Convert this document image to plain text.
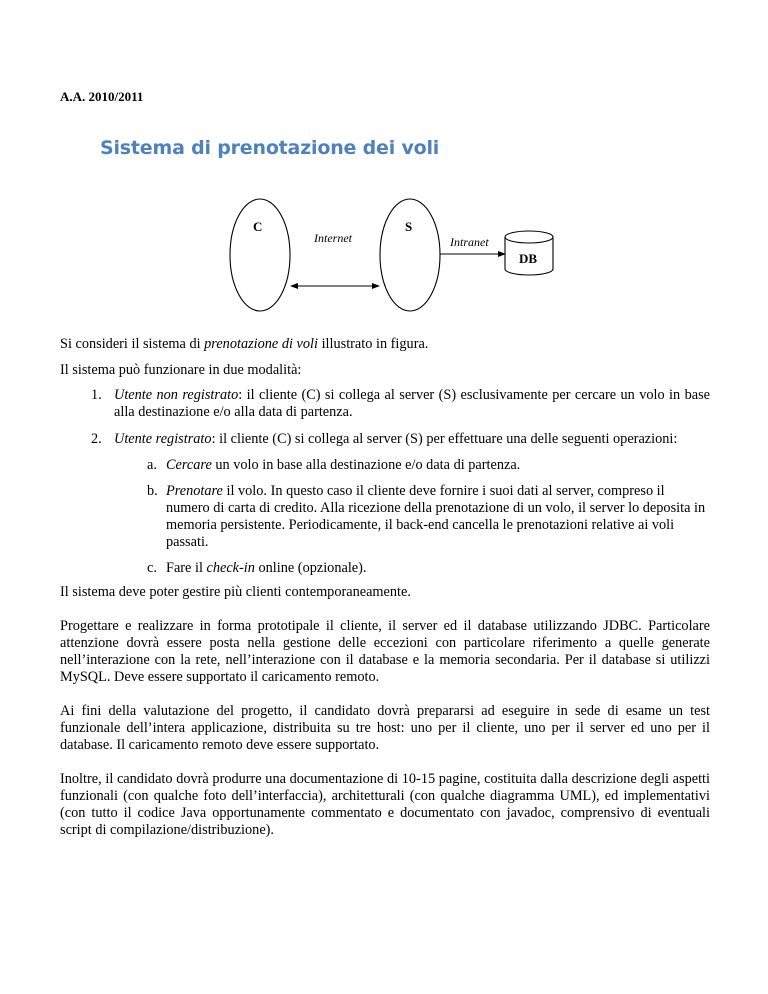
A.A. 2010/2011
Sistema di prenotazione dei voli
C	S
Internet	Intranet
DB

Si consideri il sistema di prenotazione di voli illustrato in figura.

Il sistema può funzionare in due modalità:

1. Utente non registrato: il cliente (C) si collega al server (S) esclusivamente per cercare un volo in base alla destinazione e/o alla data di partenza.
2. Utente registrato: il cliente (C) si collega al server (S) per effettuare una delle seguenti operazioni:
a. Cercare un volo in base alla destinazione e/o data di partenza.
b. Prenotare il volo. In questo caso il cliente deve fornire i suoi dati al server, compreso il numero di carta di credito. Alla ricezione della prenotazione di un volo, il server lo deposita in memoria persistente. Periodicamente, il back-end cancella le prenotazioni relative ai voli passati.
c. Fare il check-in online (opzionale).

Il sistema deve poter gestire più clienti contemporaneamente.

Progettare e realizzare in forma prototipale il cliente, il server ed il database utilizzando JDBC. Particolare attenzione dovrà essere posta nella gestione delle eccezioni con particolare riferimento a quelle generate nell’interazione con la rete, nell’interazione con il database e la memoria secondaria. Per il database si utilizzi MySQL. Deve essere supportato il caricamento remoto.

Ai fini della valutazione del progetto, il candidato dovrà prepararsi ad eseguire in sede di esame un test funzionale dell’intera applicazione, distribuita su tre host: uno per il cliente, uno per il server ed uno per il database. Il caricamento remoto deve essere supportato.

Inoltre, il candidato dovrà produrre una documentazione di 10-15 pagine, costituita dalla descrizione degli aspetti funzionali (con qualche foto dell’interfaccia), architetturali (con qualche diagramma UML), ed implementativi (con tutto il codice Java opportunamente commentato e documentato con javadoc, comprensivo di eventuali script di compilazione/distribuzione).
